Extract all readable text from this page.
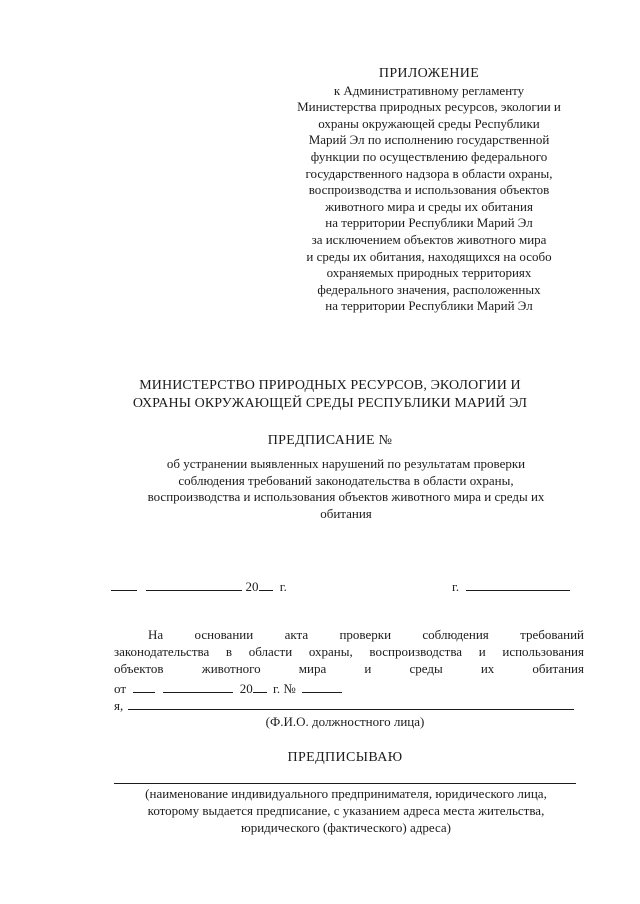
ПРИЛОЖЕНИЕ
к Административному регламенту
Министерства природных ресурсов, экологии и
охраны окружающей среды Республики
Марий Эл по исполнению государственной
функции по осуществлению федерального
государственного надзора в области охраны,
воспроизводства и использования объектов
животного мира и среды их обитания
на территории Республики Марий Эл
за исключением объектов животного мира
и среды их обитания, находящихся на особо
охраняемых природных территориях
федерального значения, расположенных
на территории Республики Марий Эл
МИНИСТЕРСТВО ПРИРОДНЫХ РЕСУРСОВ, ЭКОЛОГИИ И
ОХРАНЫ ОКРУЖАЮЩЕЙ СРЕДЫ РЕСПУБЛИКИ МАРИЙ ЭЛ
ПРЕДПИСАНИЕ №
об устранении выявленных нарушений по результатам проверки
соблюдения требований законодательства в области охраны,
воспроизводства и использования объектов животного мира и среды их
обитания
20 г.	г.
На основании акта проверки соблюдения требований
законодательства в области охраны, воспроизводства и использования
объектов животного мира и среды их обитания
от	20 г. №
я,
(Ф.И.О. должностного лица)
ПРЕДПИСЫВАЮ
(наименование индивидуального предпринимателя, юридического лица,
которому выдается предписание, с указанием адреса места жительства,
юридического (фактического) адреса)
